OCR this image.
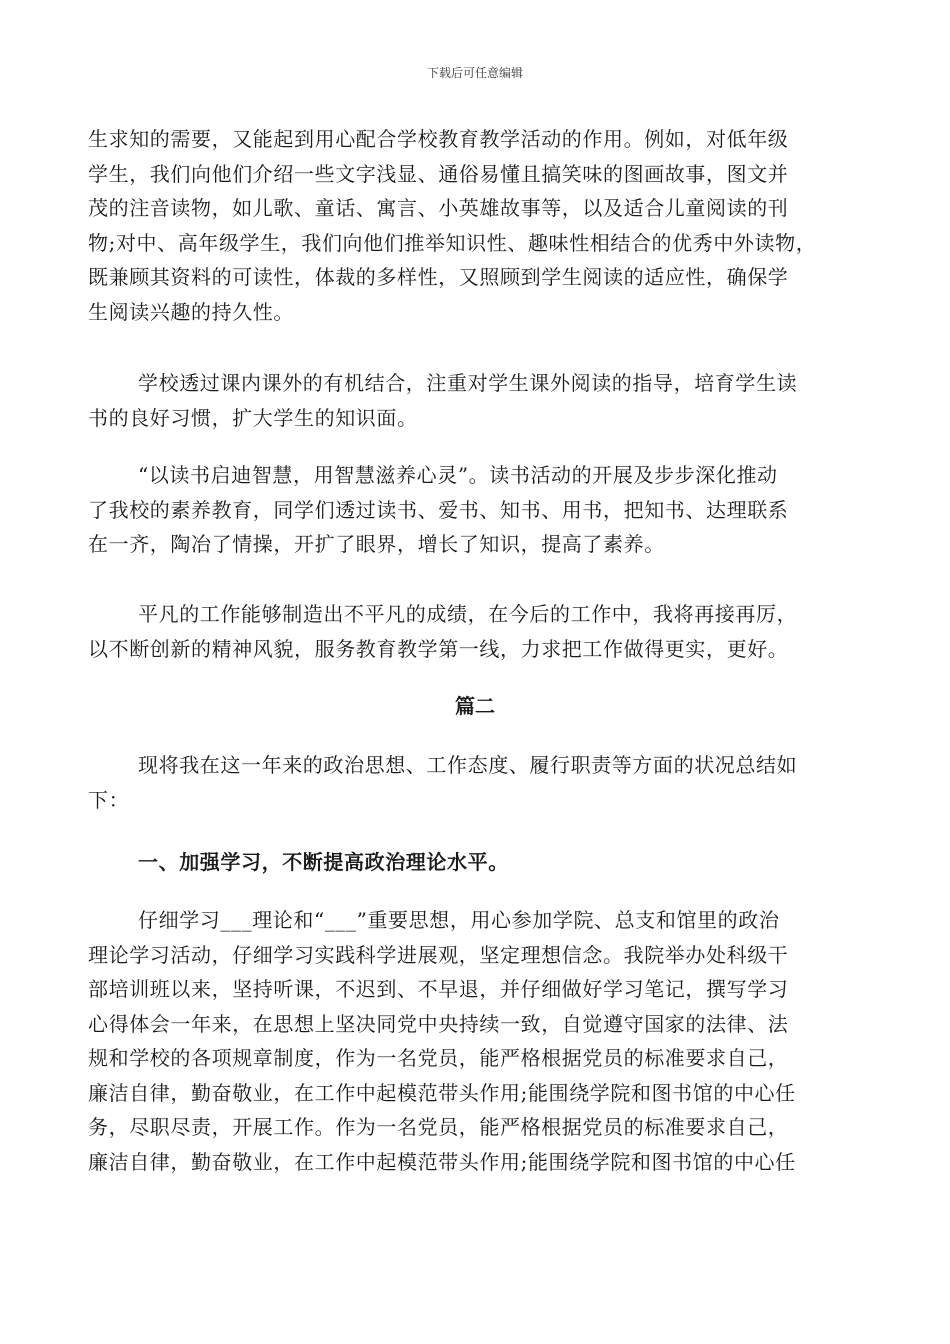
下载后可任意编辑
生求知的需要，又能起到用心配合学校教育教学活动的作用。例如，对低年级
学生，我们向他们介绍一些文字浅显、通俗易懂且搞笑味的图画故事，图文并
茂的注音读物，如儿歌、童话、寓言、小英雄故事等，以及适合儿童阅读的刊
物;对中、高年级学生，我们向他们推举知识性、趣味性相结合的优秀中外读物，
既兼顾其资料的可读性，体裁的多样性，又照顾到学生阅读的适应性，确保学
生阅读兴趣的持久性。
学校透过课内课外的有机结合，注重对学生课外阅读的指导，培育学生读
书的良好习惯，扩大学生的知识面。
“以读书启迪智慧，用智慧滋养心灵”。读书活动的开展及步步深化推动
了我校的素养教育，同学们透过读书、爱书、知书、用书，把知书、达理联系
在一齐，陶冶了情操，开扩了眼界，增长了知识，提高了素养。
平凡的工作能够制造出不平凡的成绩，在今后的工作中，我将再接再厉，
以不断创新的精神风貌，服务教育教学第一线，力求把工作做得更实，更好。
篇二
现将我在这一年来的政治思想、工作态度、履行职责等方面的状况总结如
下：
一、加强学习，不断提高政治理论水平。
仔细学习___理论和“___”重要思想，用心参加学院、总支和馆里的政治
理论学习活动，仔细学习实践科学进展观，坚定理想信念。我院举办处科级干
部培训班以来，坚持听课，不迟到、不早退，并仔细做好学习笔记，撰写学习
心得体会一年来，在思想上坚决同党中央持续一致，自觉遵守国家的法律、法
规和学校的各项规章制度，作为一名党员，能严格根据党员的标准要求自己，
廉洁自律，勤奋敬业，在工作中起模范带头作用;能围绕学院和图书馆的中心任
务，尽职尽责，开展工作。作为一名党员，能严格根据党员的标准要求自己，
廉洁自律，勤奋敬业，在工作中起模范带头作用;能围绕学院和图书馆的中心任
